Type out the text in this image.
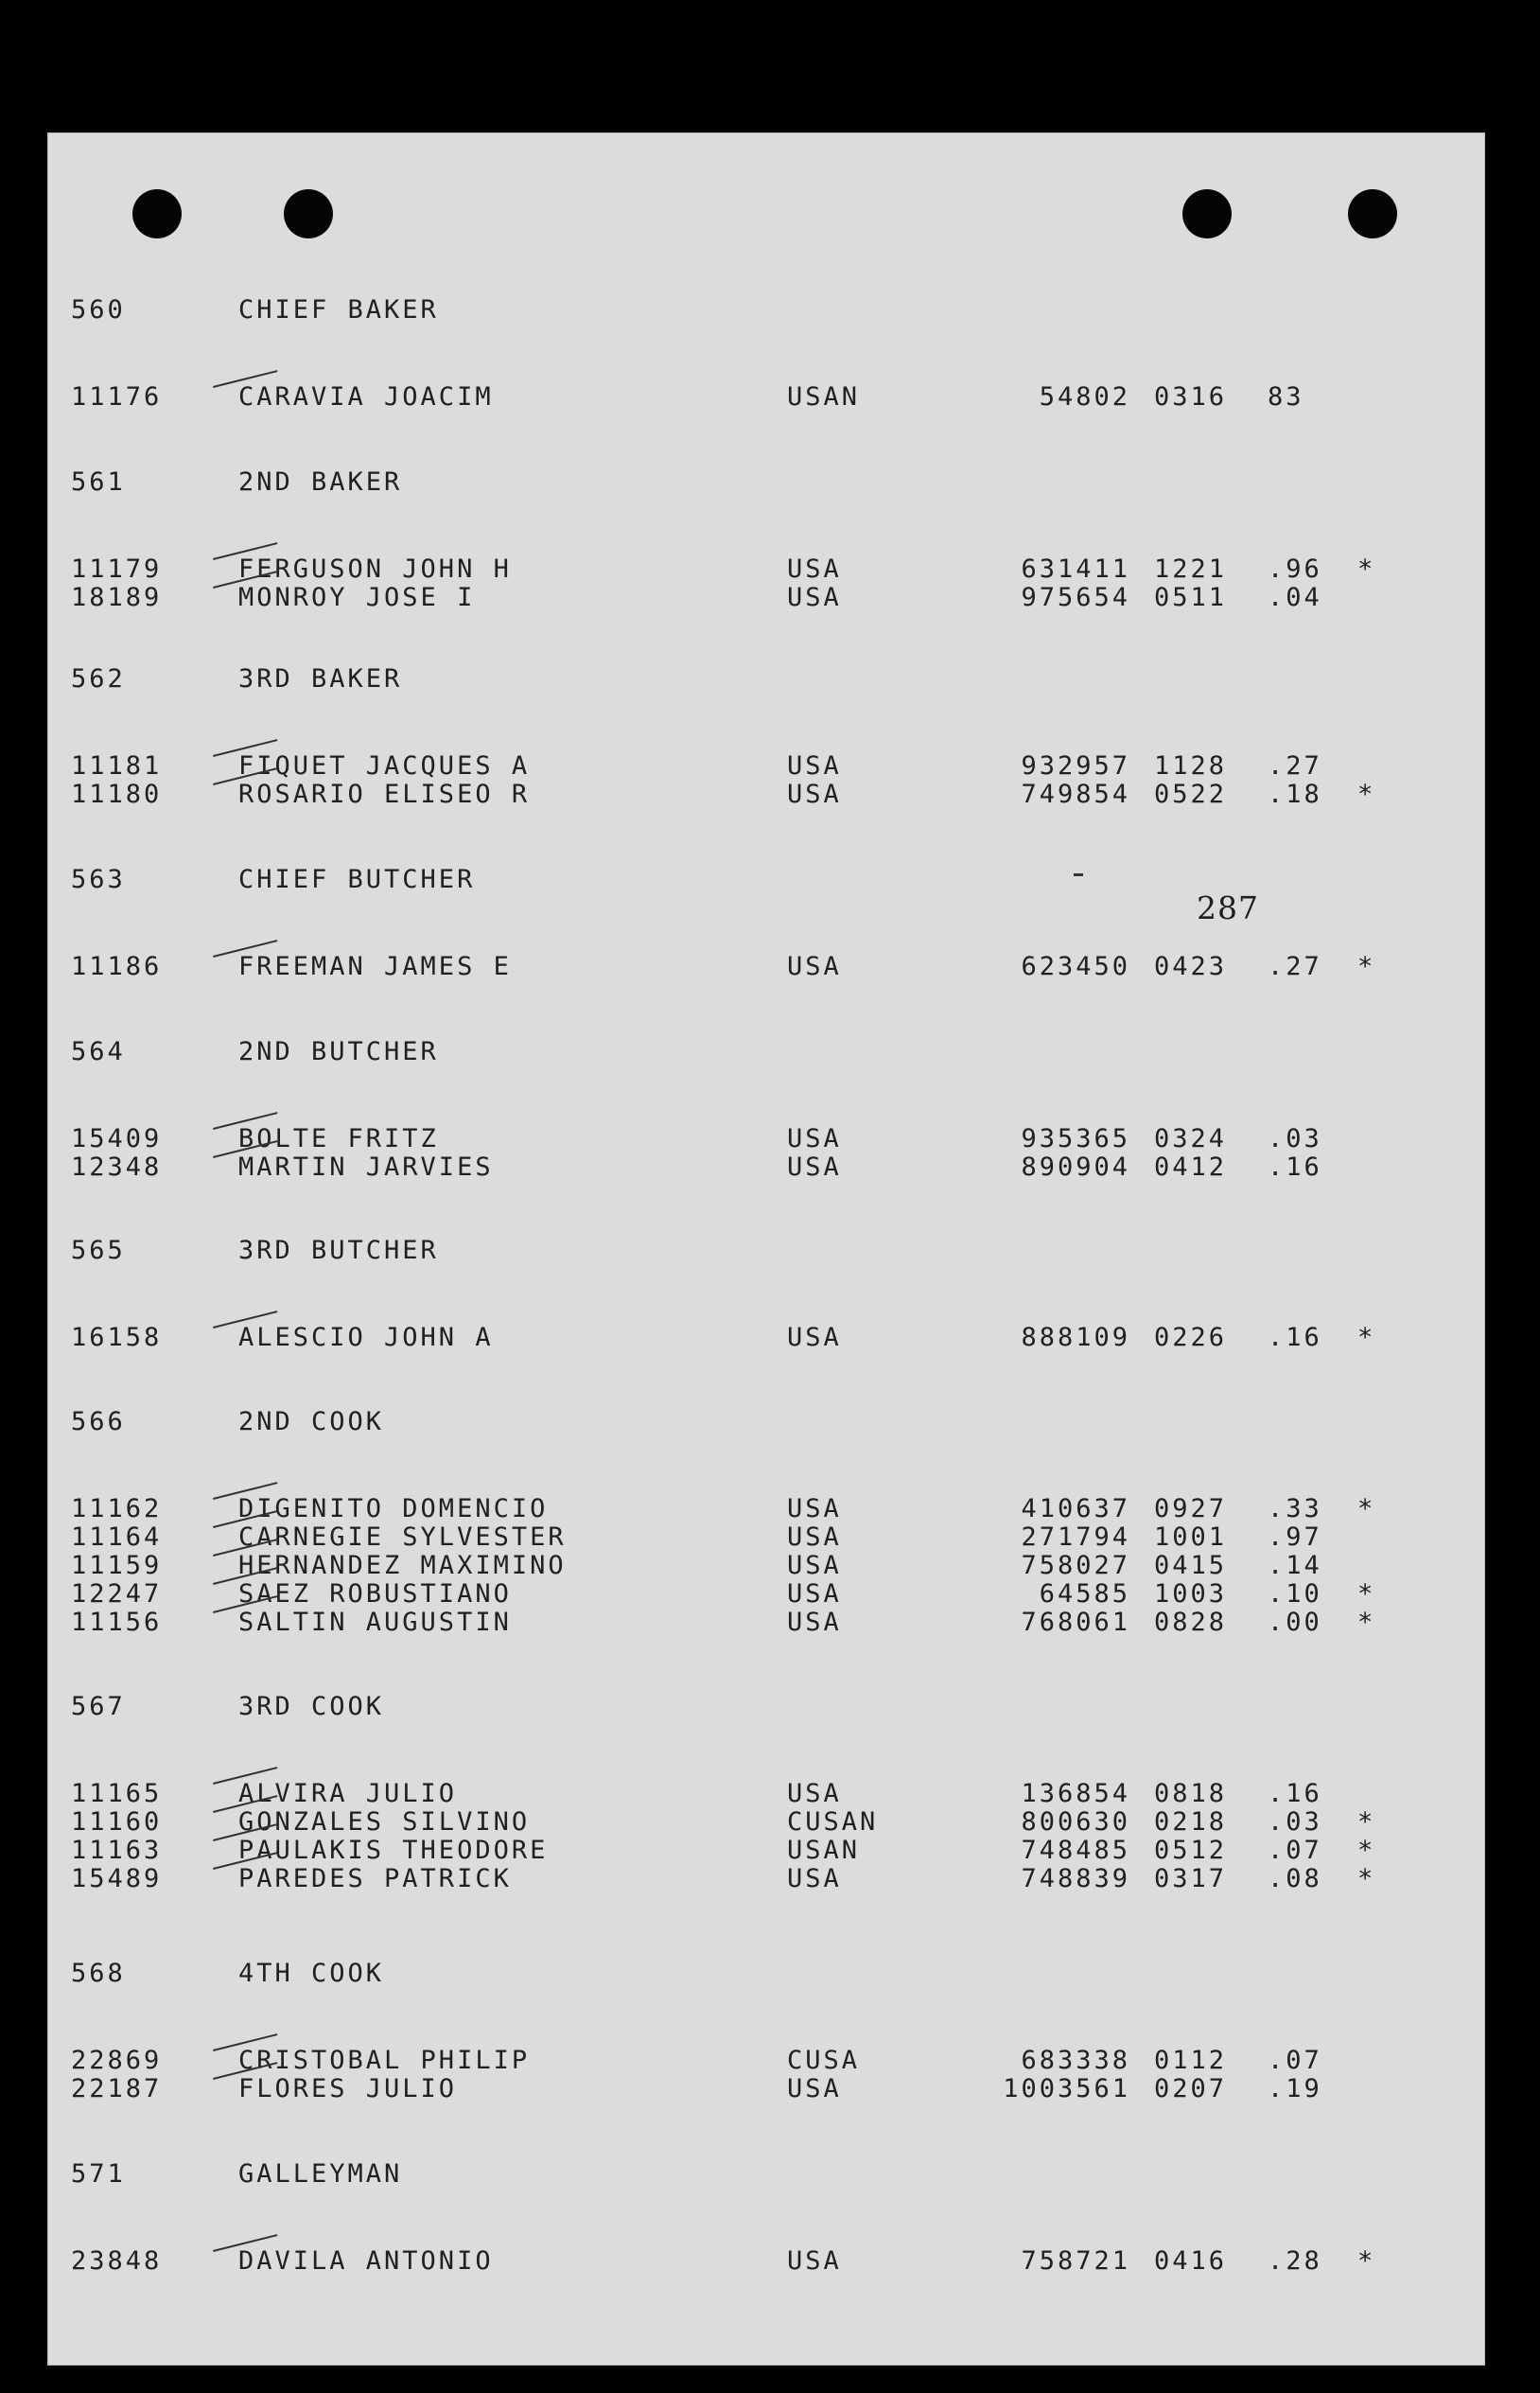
287
560	CHIEF BAKER
11176	CARAVIA JOACIM	USAN	54802 0316 83
561	2ND BAKER
11179	FERGUSON JOHN H	USA	631411 1221 .96 *
18189	MONROY JOSE I	USA	975654 0511 .04
562	3RD BAKER
11181	FIQUET JACQUES A	USA	932957 1128 .27
11180	ROSARIO ELISEO R	USA	749854 0522 .18 *
563	CHIEF BUTCHER
11186	FREEMAN JAMES E	USA	623450 0423 .27 *
564	2ND BUTCHER
15409	BOLTE FRITZ	USA	935365 0324 .03
12348	MARTIN JARVIES	USA	890904 0412 .16
565	3RD BUTCHER
16158	ALESCIO JOHN A	USA	888109 0226 .16 *
566	2ND COOK
11162	DIGENITO DOMENCIO	USA	410637 0927 .33 *
11164	CARNEGIE SYLVESTER	USA	271794 1001 .97
11159	HERNANDEZ MAXIMINO	USA	758027 0415 .14
12247	SAEZ ROBUSTIANO	USA	64585 1003 .10 *
11156	SALTIN AUGUSTIN	USA	768061 0828 .00 *
567	3RD COOK
11165	ALVIRA JULIO	USA	136854 0818 .16
11160	GONZALES SILVINO	CUSAN	800630 0218 .03 *
11163	PAULAKIS THEODORE	USAN	748485 0512 .07 *
15489	PAREDES PATRICK	USA	748839 0317 .08 *
568	4TH COOK
22869	CRISTOBAL PHILIP	CUSA	683338 0112 .07
22187	FLORES JULIO	USA	1003561 0207 .19
571	GALLEYMAN
23848	DAVILA ANTONIO	USA	758721 0416 .28 *
